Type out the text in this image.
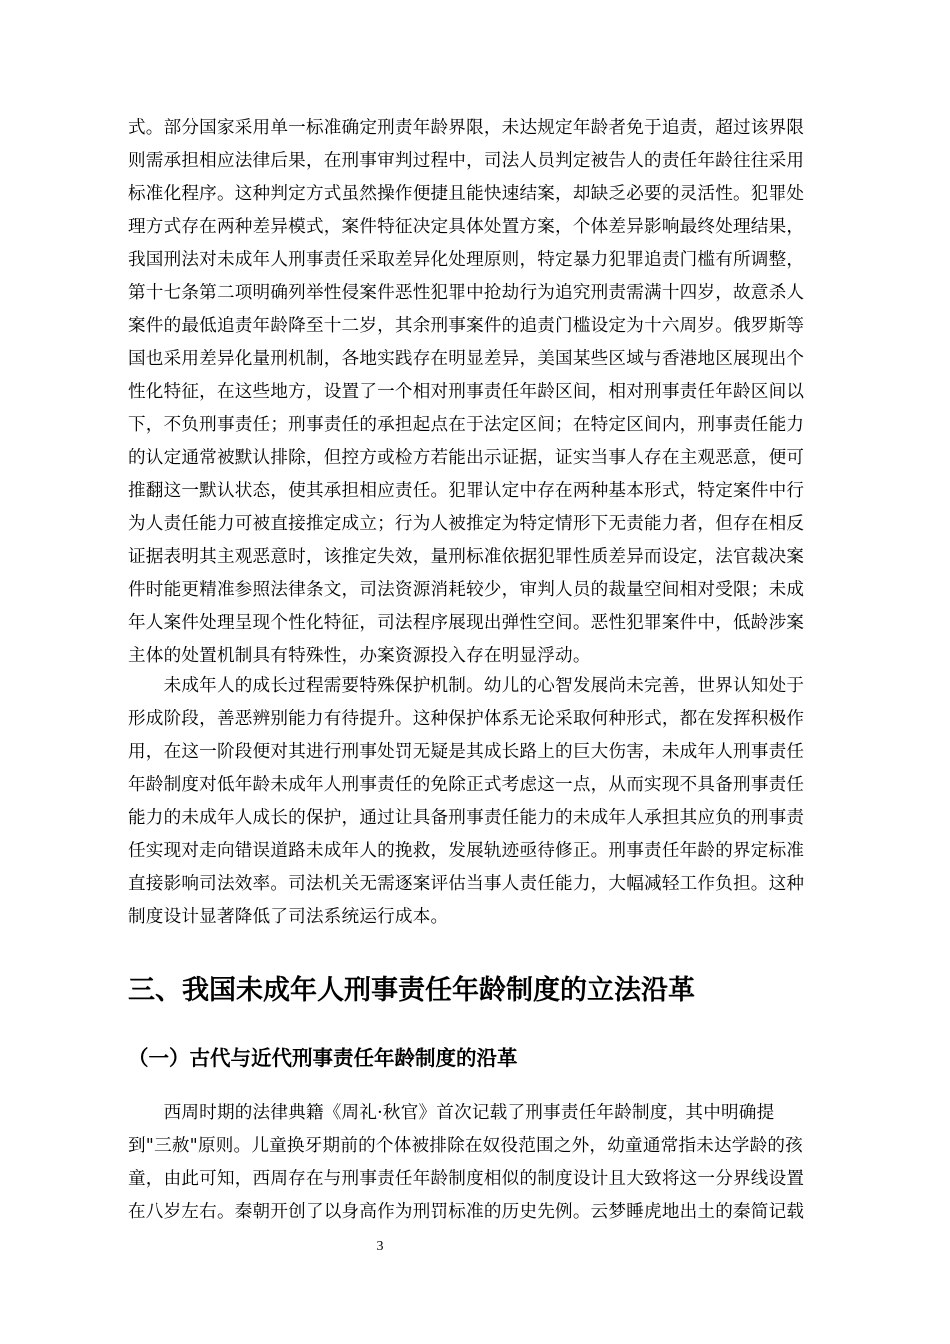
式。部分国家采用单一标准确定刑责年龄界限，未达规定年龄者免于追责，超过该界限
则需承担相应法律后果，在刑事审判过程中，司法人员判定被告人的责任年龄往往采用
标准化程序。这种判定方式虽然操作便捷且能快速结案，却缺乏必要的灵活性。犯罪处
理方式存在两种差异模式，案件特征决定具体处置方案，个体差异影响最终处理结果，
我国刑法对未成年人刑事责任采取差异化处理原则，特定暴力犯罪追责门槛有所调整，
第十七条第二项明确列举性侵案件恶性犯罪中抢劫行为追究刑责需满十四岁，故意杀人
案件的最低追责年龄降至十二岁，其余刑事案件的追责门槛设定为十六周岁。俄罗斯等
国也采用差异化量刑机制，各地实践存在明显差异，美国某些区域与香港地区展现出个
性化特征，在这些地方，设置了一个相对刑事责任年龄区间，相对刑事责任年龄区间以
下，不负刑事责任；刑事责任的承担起点在于法定区间；在特定区间内，刑事责任能力
的认定通常被默认排除，但控方或检方若能出示证据，证实当事人存在主观恶意，便可
推翻这一默认状态，使其承担相应责任。犯罪认定中存在两种基本形式，特定案件中行
为人责任能力可被直接推定成立；行为人被推定为特定情形下无责能力者，但存在相反
证据表明其主观恶意时，该推定失效，量刑标准依据犯罪性质差异而设定，法官裁决案
件时能更精准参照法律条文，司法资源消耗较少，审判人员的裁量空间相对受限；未成
年人案件处理呈现个性化特征，司法程序展现出弹性空间。恶性犯罪案件中，低龄涉案
主体的处置机制具有特殊性，办案资源投入存在明显浮动。
　　未成年人的成长过程需要特殊保护机制。幼儿的心智发展尚未完善，世界认知处于
形成阶段，善恶辨别能力有待提升。这种保护体系无论采取何种形式，都在发挥积极作
用，在这一阶段便对其进行刑事处罚无疑是其成长路上的巨大伤害，未成年人刑事责任
年龄制度对低年龄未成年人刑事责任的免除正式考虑这一点，从而实现不具备刑事责任
能力的未成年人成长的保护，通过让具备刑事责任能力的未成年人承担其应负的刑事责
任实现对走向错误道路未成年人的挽救，发展轨迹亟待修正。刑事责任年龄的界定标准
直接影响司法效率。司法机关无需逐案评估当事人责任能力，大幅减轻工作负担。这种
制度设计显著降低了司法系统运行成本。
三、我国未成年人刑事责任年龄制度的立法沿革
（一）古代与近代刑事责任年龄制度的沿革
　　西周时期的法律典籍《周礼·秋官》首次记载了刑事责任年龄制度，其中明确提
到"三赦"原则。儿童换牙期前的个体被排除在奴役范围之外，幼童通常指未达学龄的孩
童，由此可知，西周存在与刑事责任年龄制度相似的制度设计且大致将这一分界线设置
在八岁左右。秦朝开创了以身高作为刑罚标准的历史先例。云梦睡虎地出土的秦简记载
3
